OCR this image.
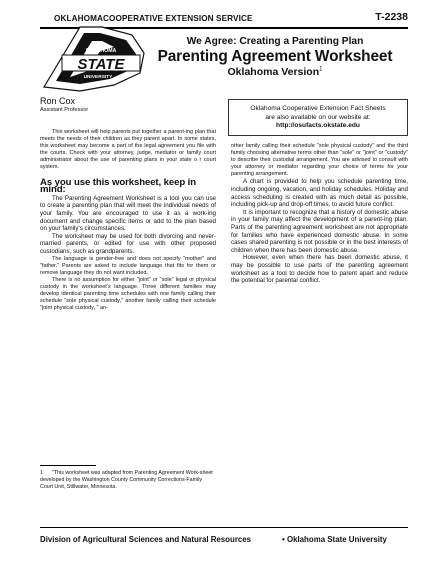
OKLAHOMACOOPERATIVE EXTENSION SERVICE	T-2238
OKLAHOMA
STATE
UNIVERSITY
We Agree: Creating a Parenting Plan
Parenting Agreement Worksheet
Oklahoma Version$^1$
Ron Cox
Assistant Professor	Oklahoma Cooperative Extension Fact Sheets
are also available on our website at:
http://osufacts.okstate.edu

This worksheet will help parents put together a parent-ing plan that meets the needs of their children as they parent apart. In some states, this worksheet may become a part of the legal agreement you file with the courts. Check with your attorney, judge, mediator or family court administrator about the use of parenting plans in your state o r court system.

As you use this worksheet, keep in mind:

The Parenting Agreement Worksheet is a tool you can use to create a parenting plan that will meet the individual needs of your family. You are encouraged to use it as a work-ing document and change specific items or add to the plan based on your family's circumstances.

The worksheet may be used for both divorcing and never-married parents, or edited for use with other proposed custodians, such as grandparents.

The language is gender-free and does not specify "mother" and "father." Parents are asked to include language that fits for them or remove language they do not want included.

There is no assumption for either "joint" or "sole" legal or physical custody in the worksheet's language. Three different families may develop identical parenting time schedules with one family calling their schedule "sole physical custody," another family calling their schedule "joint physical custody, " an-

other family calling their schedule "sole physical custody" and the third family choosing alternative terms other than "sole" or "joint" or "custody" to describe their custodial arrangement. You are advised to consult with your attorney or mediator regarding your choice of terms for your parenting arrangement.

A chart is provided to help you schedule parenting time, including ongoing, vacation, and holiday schedules. Holiday and access scheduling is created with as much detail as possible, including pick-up and drop-off times, to avoid future conflict.

It is important to recognize that a history of domestic abuse in your family may affect the development of a parent-ing plan. Parts of the parenting agreement worksheet are not appropriate for families who have experienced domestic abuse. In some cases shared parenting is not possible or in the best interests of children when there has been domestic abuse.

However, even when there has been domestic abuse, it may be possible to use parts of the parenting agreement worksheet as a tool to decide how to parent apart and reduce the potential for parental conflict.

1 "This worksheet was adapted from Parenting Agreement Work-sheet developed by the Washington County Community Corrections-Family Court Unit, Stillwater, Minnesota.
Division of Agricultural Sciences and Natural Resources	• Oklahoma State University
